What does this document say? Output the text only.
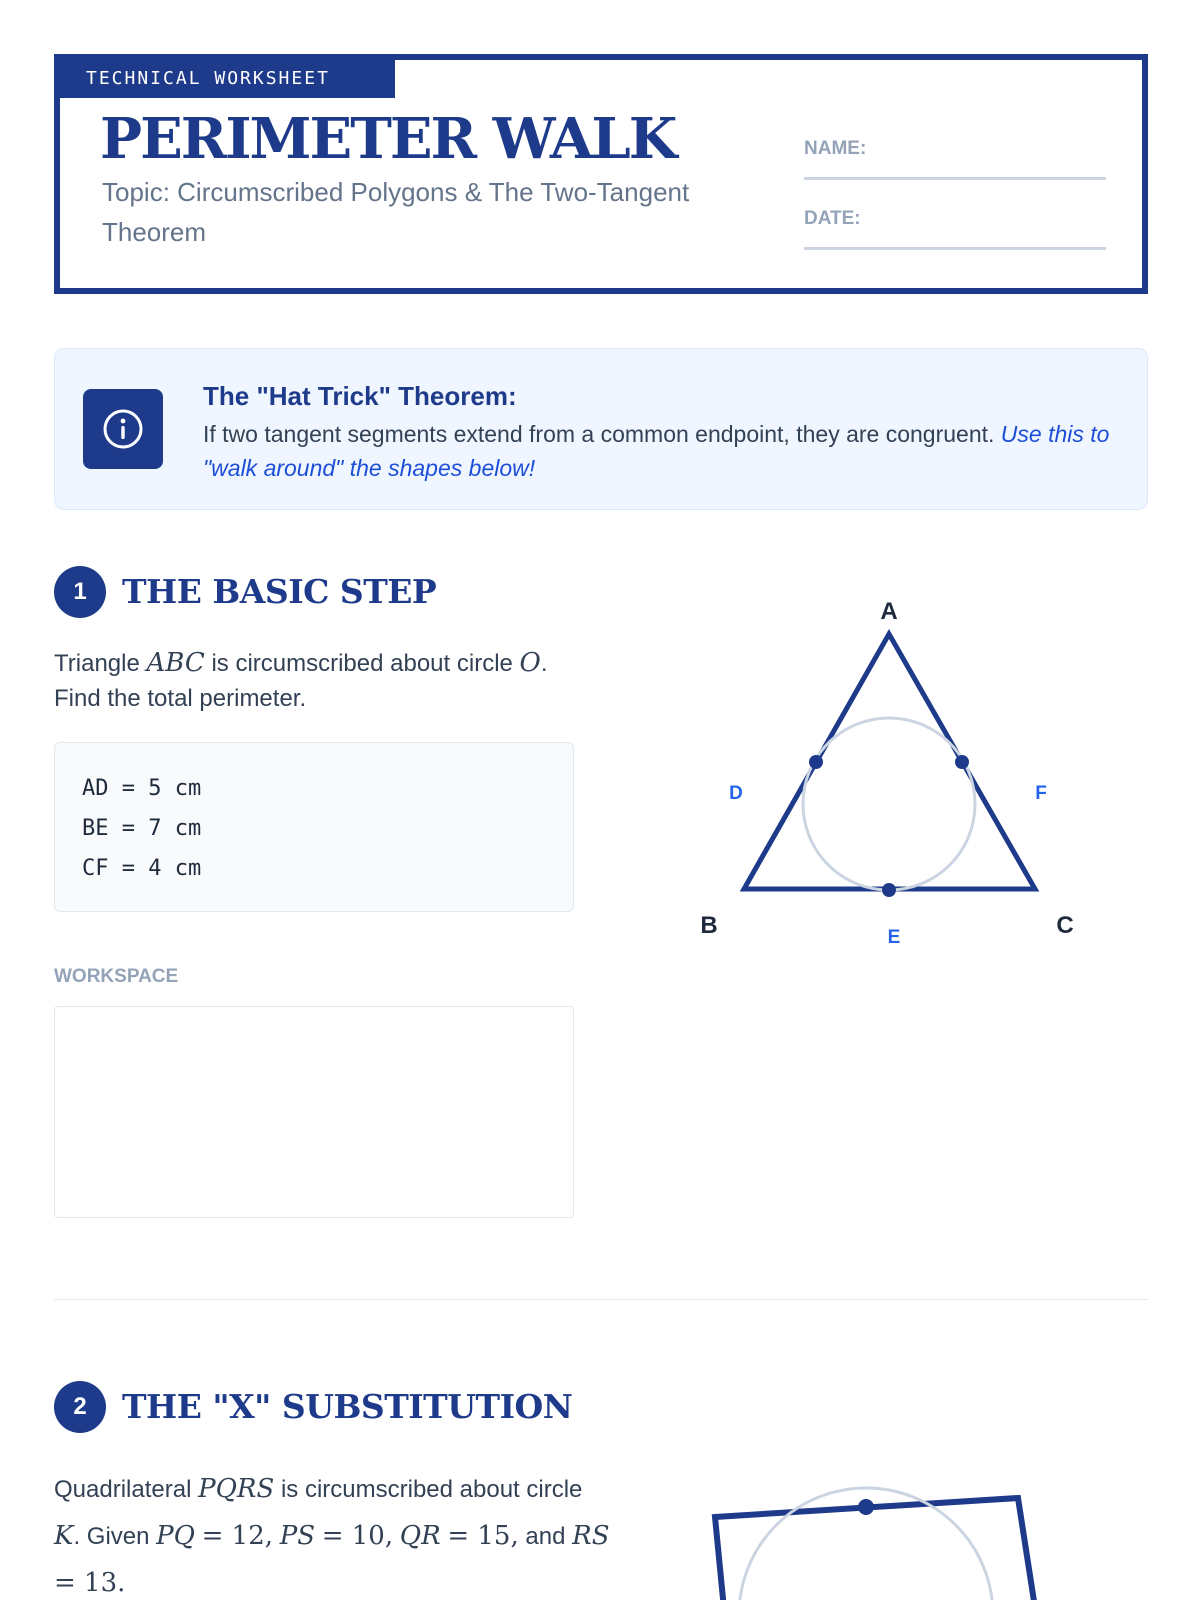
TECHNICAL WORKSHEET
PERIMETER WALK
Topic: Circumscribed Polygons & The Two-Tangent Theorem
NAME:
DATE:
The "Hat Trick" Theorem:
If two tangent segments extend from a common endpoint, they are congruent. Use this to "walk around" the shapes below!
1	THE BASIC STEP
Triangle ABC is circumscribed about circle O. Find the total perimeter.
AD = 5 cm
BE = 7 cm
CF = 4 cm
WORKSPACE
A
B	C
D	F
E
2	THE "X" SUBSTITUTION
Quadrilateral PQRS is circumscribed about circle K. Given PQ = 12, PS = 10, QR = 15, and RS = 13.
